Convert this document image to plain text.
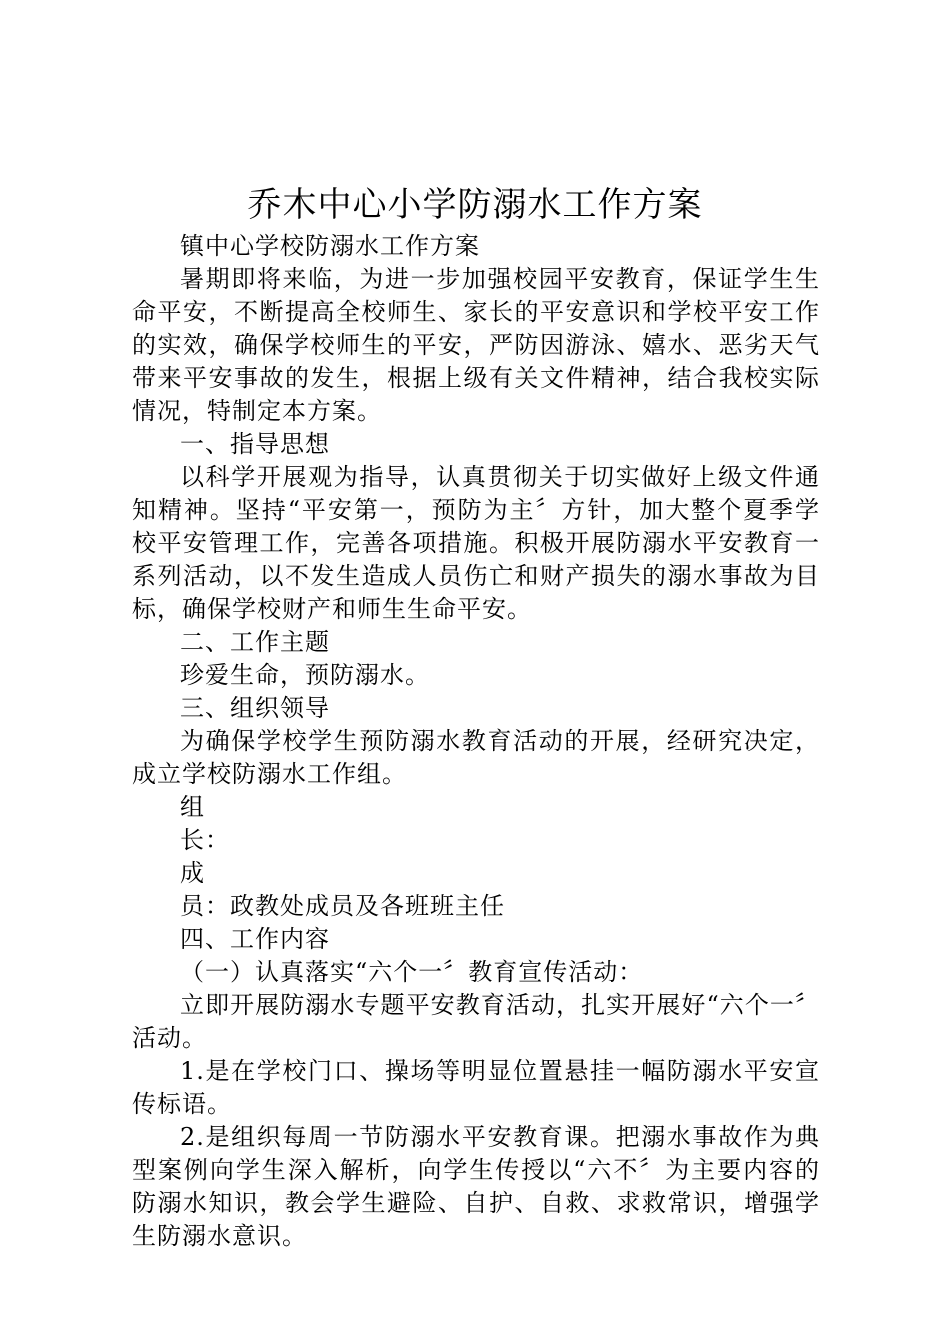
乔木中心小学防溺水工作方案

镇中心学校防溺水工作方案

暑期即将来临，为进一步加强校园平安教育，保证学生生命平安，不断提高全校师生、家长的平安意识和学校平安工作的实效，确保学校师生的平安，严防因游泳、嬉水、恶劣天气带来平安事故的发生，根据上级有关文件精神，结合我校实际情况，特制定本方案。

一、指导思想

以科学开展观为指导，认真贯彻关于切实做好上级文件通知精神。坚持“平安第一，预防为主〞方针，加大整个夏季学校平安管理工作，完善各项措施。积极开展防溺水平安教育一系列活动，以不发生造成人员伤亡和财产损失的溺水事故为目标，确保学校财产和师生生命平安。

二、工作主题

珍爱生命，预防溺水。

三、组织领导

为确保学校学生预防溺水教育活动的开展，经研究决定，成立学校防溺水工作组。

组

长：

成

员：政教处成员及各班班主任

四、工作内容

（一）认真落实“六个一〞教育宣传活动：

立即开展防溺水专题平安教育活动，扎实开展好“六个一〞活动。

1.是在学校门口、操场等明显位置悬挂一幅防溺水平安宣传标语。

2.是组织每周一节防溺水平安教育课。把溺水事故作为典型案例向学生深入解析，向学生传授以“六不〞为主要内容的防溺水知识，教会学生避险、自护、自救、求救常识，增强学生防溺水意识。
